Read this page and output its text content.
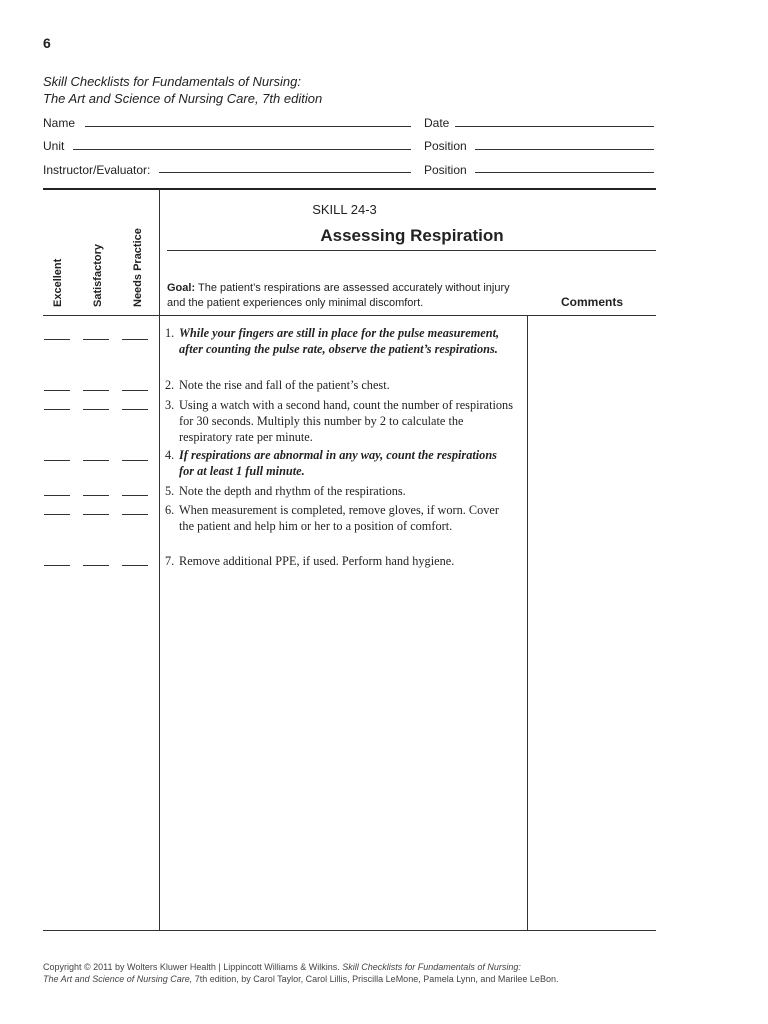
6
Skill Checklists for Fundamentals of Nursing:
The Art and Science of Nursing Care, 7th edition
Name	Date
Unit	Position
Instructor/Evaluator:	Position
Excellent	Satisfactory	Needs Practice
SKILL 24-3
Assessing Respiration
Goal: The patient’s respirations are assessed accurately without injury and the patient experiences only minimal discomfort.	Comments
1. While your fingers are still in place for the pulse measurement, after counting the pulse rate, observe the patient’s respirations.
2. Note the rise and fall of the patient’s chest.
3. Using a watch with a second hand, count the number of respirations for 30 seconds. Multiply this number by 2 to calculate the respiratory rate per minute.
4. If respirations are abnormal in any way, count the respirations for at least 1 full minute.
5. Note the depth and rhythm of the respirations.
6. When measurement is completed, remove gloves, if worn. Cover the patient and help him or her to a position of comfort.
7. Remove additional PPE, if used. Perform hand hygiene.
Copyright © 2011 by Wolters Kluwer Health | Lippincott Williams & Wilkins. Skill Checklists for Fundamentals of Nursing:
The Art and Science of Nursing Care, 7th edition, by Carol Taylor, Carol Lillis, Priscilla LeMone, Pamela Lynn, and Marilee LeBon.
